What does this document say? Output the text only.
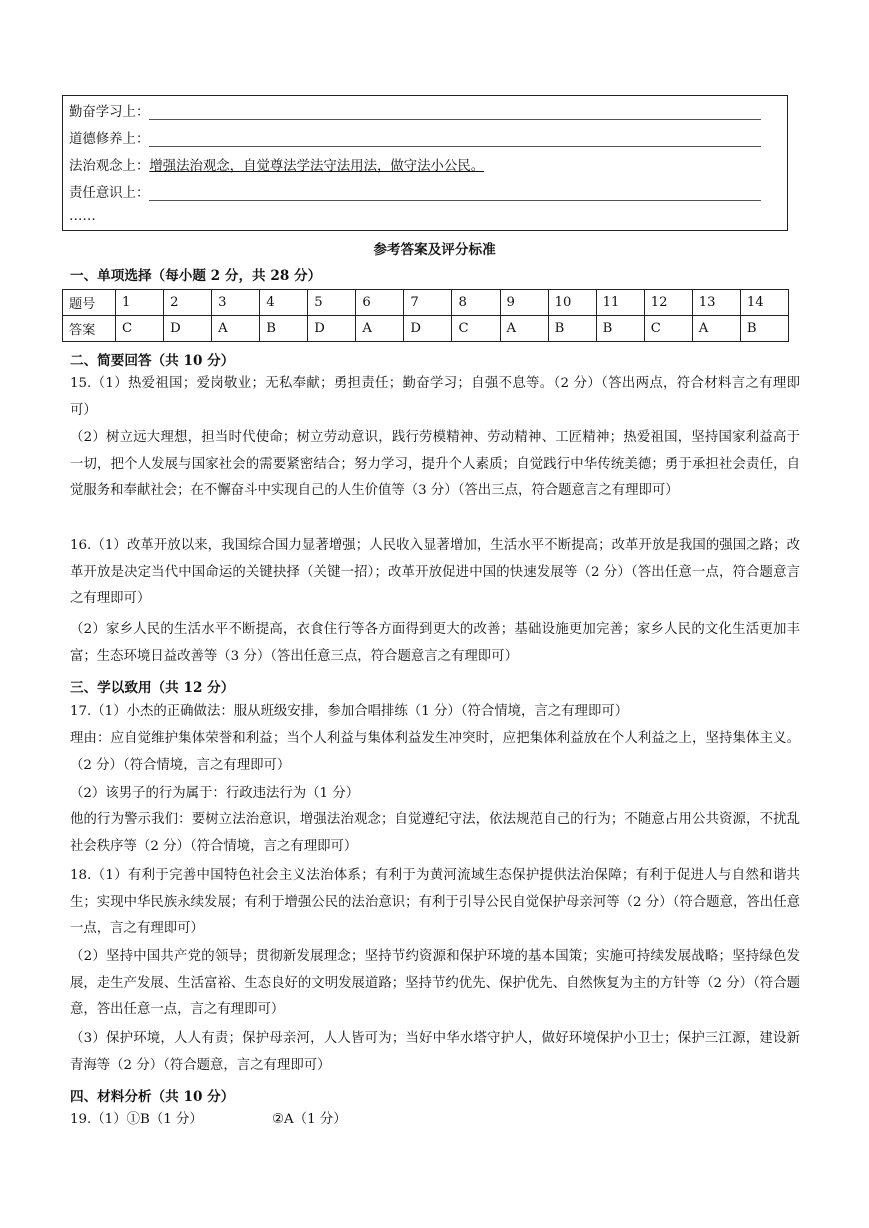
勤奋学习上：
道德修养上：
法治观念上： 增强法治观念，自觉尊法学法守法用法，做守法小公民。
责任意识上：
……
参考答案及评分标准
一、单项选择（每小题 2 分，共 28 分）
题号	1	2	3	4	5	6	7	8	9	10	11	12	13	14
答案	C	D	A	B	D	A	D	C	A	B	B	C	A	B
二、简要回答（共 10 分）
15.（1）热爱祖国；爱岗敬业；无私奉献；勇担责任；勤奋学习；自强不息等。（2 分）（答出两点，符合材料言之有理即可）
（2）树立远大理想，担当时代使命；树立劳动意识，践行劳模精神、劳动精神、工匠精神；热爱祖国，坚持国家利益高于一切，把个人发展与国家社会的需要紧密结合；努力学习，提升个人素质；自觉践行中华传统美德；勇于承担社会责任，自觉服务和奉献社会；在不懈奋斗中实现自己的人生价值等（3 分）（答出三点，符合题意言之有理即可）
16.（1）改革开放以来，我国综合国力显著增强；人民收入显著增加，生活水平不断提高；改革开放是我国的强国之路；改革开放是决定当代中国命运的关键抉择（关键一招）；改革开放促进中国的快速发展等（2 分）（答出任意一点，符合题意言之有理即可）
（2）家乡人民的生活水平不断提高，衣食住行等各方面得到更大的改善；基础设施更加完善；家乡人民的文化生活更加丰富；生态环境日益改善等（3 分）（答出任意三点，符合题意言之有理即可）
三、学以致用（共 12 分）
17.（1）小杰的正确做法：服从班级安排，参加合唱排练（1 分）（符合情境，言之有理即可）
理由：应自觉维护集体荣誉和利益；当个人利益与集体利益发生冲突时，应把集体利益放在个人利益之上，坚持集体主义。（2 分）（符合情境，言之有理即可）
（2）该男子的行为属于：行政违法行为（1 分）
他的行为警示我们：要树立法治意识，增强法治观念；自觉遵纪守法，依法规范自己的行为；不随意占用公共资源，不扰乱社会秩序等（2 分）（符合情境，言之有理即可）
18.（1）有利于完善中国特色社会主义法治体系；有利于为黄河流域生态保护提供法治保障；有利于促进人与自然和谐共生；实现中华民族永续发展；有利于增强公民的法治意识；有利于引导公民自觉保护母亲河等（2 分）（符合题意，答出任意一点，言之有理即可）
（2）坚持中国共产党的领导；贯彻新发展理念；坚持节约资源和保护环境的基本国策；实施可持续发展战略；坚持绿色发展，走生产发展、生活富裕、生态良好的文明发展道路；坚持节约优先、保护优先、自然恢复为主的方针等（2 分）（符合题意，答出任意一点，言之有理即可）
（3）保护环境，人人有责；保护母亲河，人人皆可为；当好中华水塔守护人，做好环境保护小卫士；保护三江源，建设新青海等（2 分）（符合题意，言之有理即可）
四、材料分析（共 10 分）
19.（1）①B（1 分）	②A（1 分）
